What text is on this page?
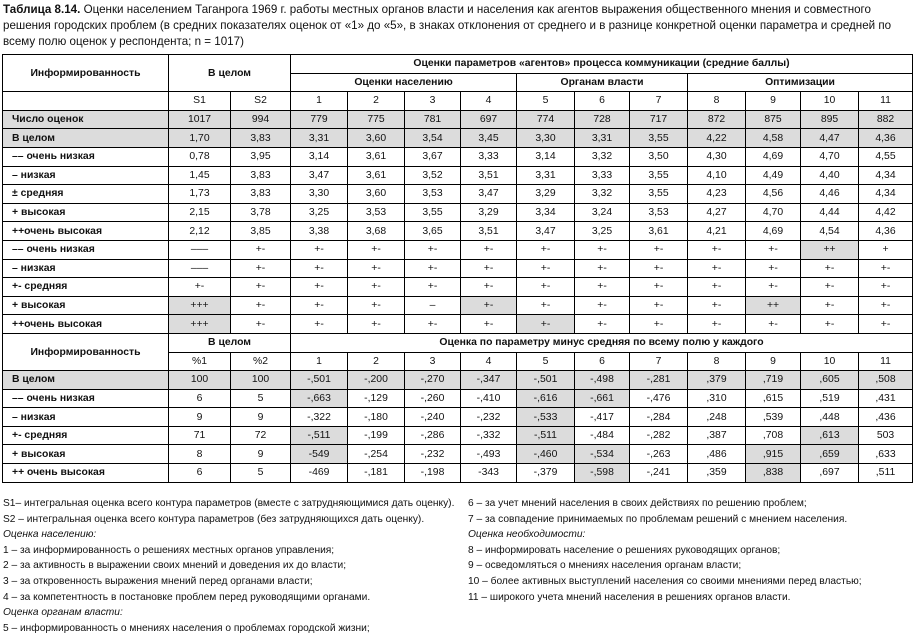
Таблица 8.14. Оценки населением Таганрога 1969 г. работы местных органов власти и населения как агентов выражения общественного мнения и совместного решения городских проблем (в средних показателях оценок от «1» до «5», в знаках отклонения от среднего и в разнице конкретной оценки параметра и средней по всему полю оценок у респондента; n = 1017)
Информированность	В целом		Оценки параметров «агентов» процесса коммуникации (средние баллы)										
			Оценки населению				Органам власти			Оптимизации			
	S1	S2	1	2	3	4	5	6	7	8	9	10	11
Число оценок	1017	994	779	775	781	697	774	728	717	872	875	895	882
В целом	1,70	3,83	3,31	3,60	3,54	3,45	3,30	3,31	3,55	4,22	4,58	4,47	4,36
–– очень низкая	0,78	3,95	3,14	3,61	3,67	3,33	3,14	3,32	3,50	4,30	4,69	4,70	4,55
– низкая	1,45	3,83	3,47	3,61	3,52	3,51	3,31	3,33	3,55	4,10	4,49	4,40	4,34
± средняя	1,73	3,83	3,30	3,60	3,53	3,47	3,29	3,32	3,55	4,23	4,56	4,46	4,34
+ высокая	2,15	3,78	3,25	3,53	3,55	3,29	3,34	3,24	3,53	4,27	4,70	4,44	4,42
++очень высокая	2,12	3,85	3,38	3,68	3,65	3,51	3,47	3,25	3,61	4,21	4,69	4,54	4,36
–– очень низкая	–––	+-	+-	+-	+-	+-	+-	+-	+-	+-	+-	++	+
– низкая	–––	+-	+-	+-	+-	+-	+-	+-	+-	+-	+-	+-	+-
+- средняя	+-	+-	+-	+-	+-	+-	+-	+-	+-	+-	+-	+-	+-
+ высокая	+++	+-	+-	+-	–	+-	+-	+-	+-	+-	++	+-	+-
++очень высокая	+++	+-	+-	+-	+-	+-	+-	+-	+-	+-	+-	+-	+-
Информированность	В целом		Оценка по параметру минус средняя по всему полю у каждого										
	%1	%2	1	2	3	4	5	6	7	8	9	10	11
В целом	100	100	-,501	-,200	-,270	-,347	-,501	-,498	-,281	,379	,719	,605	,508
–– очень низкая	6	5	-,663	-,129	-,260	-,410	-,616	-,661	-,476	,310	,615	,519	,431
– низкая	9	9	-,322	-,180	-,240	-,232	-,533	-,417	-,284	,248	,539	,448	,436
+- средняя	71	72	-,511	-,199	-,286	-,332	-,511	-,484	-,282	,387	,708	,613	503
+ высокая	8	9	-549	-,254	-,232	-,493	-,460	-,534	-,263	,486	,915	,659	,633
++ очень высокая	6	5	-469	-,181	-,198	-343	-,379	-,598	-,241	,359	,838	,697	,511
S1– интегральная оценка всего контура параметров (вместе с затрудняющимися дать оценку).
S2 – интегральная оценка всего контура параметров (без затрудняющихся дать оценку).
Оценка населению:
1 – за информированность о решениях местных органов управления;
2 – за активность в выражении своих мнений и доведения их до власти;
3 – за откровенность выражения мнений перед органами власти;
4 – за компетентность в постановке проблем перед руководящими органами.
Оценка органам власти:
5 – информированность о мнениях населения о проблемах городской жизни;
6 – за учет мнений населения в своих действиях по решению проблем;
7 – за совпадение принимаемых по проблемам решений с мнением населения.
Оценка необходимости:
8 – информировать население о решениях руководящих органов;
9 – осведомляться о мнениях населения органам власти;
10 – более активных выступлений населения со своими мнениями перед властью;
11 – широкого учета мнений населения в решениях органов власти.
